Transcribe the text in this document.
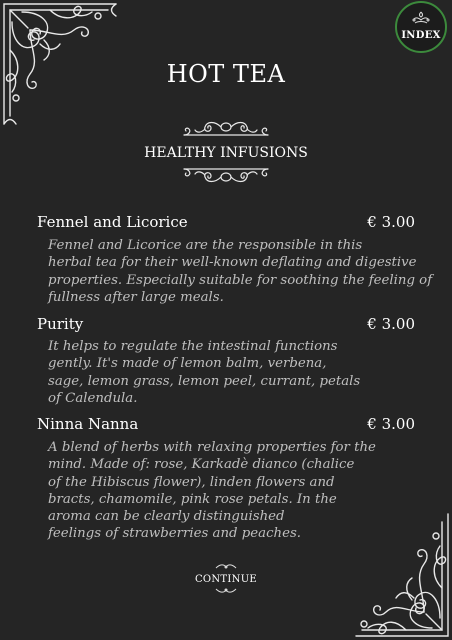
INDEX
HOT TEA
HEALTHY INFUSIONS
Fennel and Licorice	€ 3.00
Fennel and Licorice are the responsible in this
herbal tea for their well-known deflating and digestive
properties. Especially suitable for soothing the feeling of
fullness after large meals.
Purity	€ 3.00
It helps to regulate the intestinal functions
gently. It's made of lemon balm, verbena,
sage, lemon grass, lemon peel, currant, petals
of Calendula.
Ninna Nanna	€ 3.00
A blend of herbs with relaxing properties for the
mind. Made of: rose, Karkadè dianco (chalice
of the Hibiscus flower), linden flowers and
bracts, chamomile, pink rose petals. In the
aroma can be clearly distinguished
feelings of strawberries and peaches.
CONTINUE
